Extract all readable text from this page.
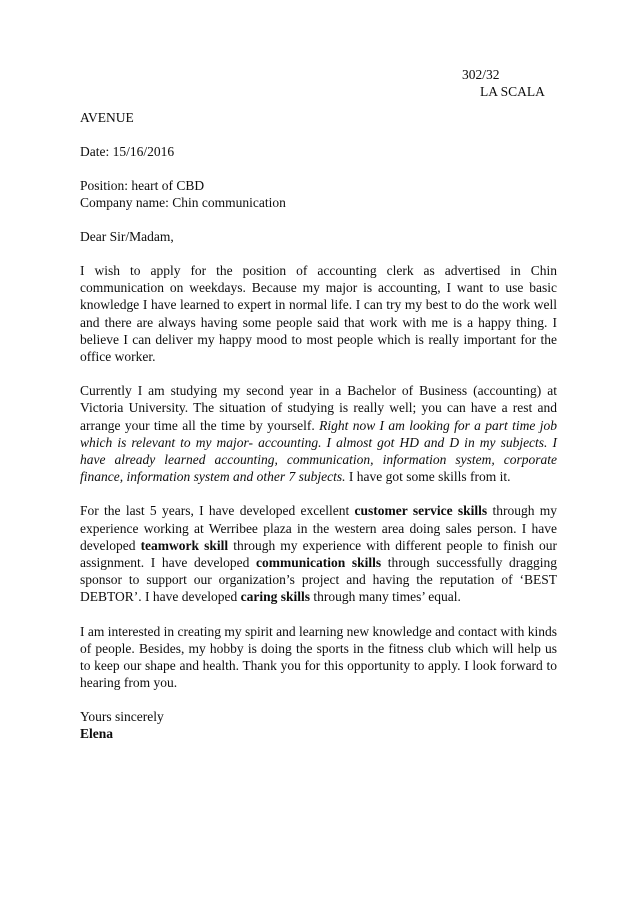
302/32
LA SCALA
AVENUE
Date: 15/16/2016
Position: heart of CBD
Company name: Chin communication
Dear Sir/Madam,

I wish to apply for the position of accounting clerk as advertised in Chin communication on weekdays. Because my major is accounting, I want to use basic knowledge I have learned to expert in normal life. I can try my best to do the work well and there are always having some people said that work with me is a happy thing. I believe I can deliver my happy mood to most people which is really important for the office worker.

Currently I am studying my second year in a Bachelor of Business (accounting) at Victoria University. The situation of studying is really well; you can have a rest and arrange your time all the time by yourself. Right now I am looking for a part time job which is relevant to my major- accounting. I almost got HD and D in my subjects. I have already learned accounting, communication, information system, corporate finance, information system and other 7 subjects. I have got some skills from it.

For the last 5 years, I have developed excellent customer service skills through my experience working at Werribee plaza in the western area doing sales person. I have developed teamwork skill through my experience with different people to finish our assignment. I have developed communication skills through successfully dragging sponsor to support our organization’s project and having the reputation of ‘BEST DEBTOR’. I have developed caring skills through many times’ equal.

I am interested in creating my spirit and learning new knowledge and contact with kinds of people. Besides, my hobby is doing the sports in the fitness club which will help us to keep our shape and health. Thank you for this opportunity to apply. I look forward to hearing from you.

Yours sincerely
Elena
